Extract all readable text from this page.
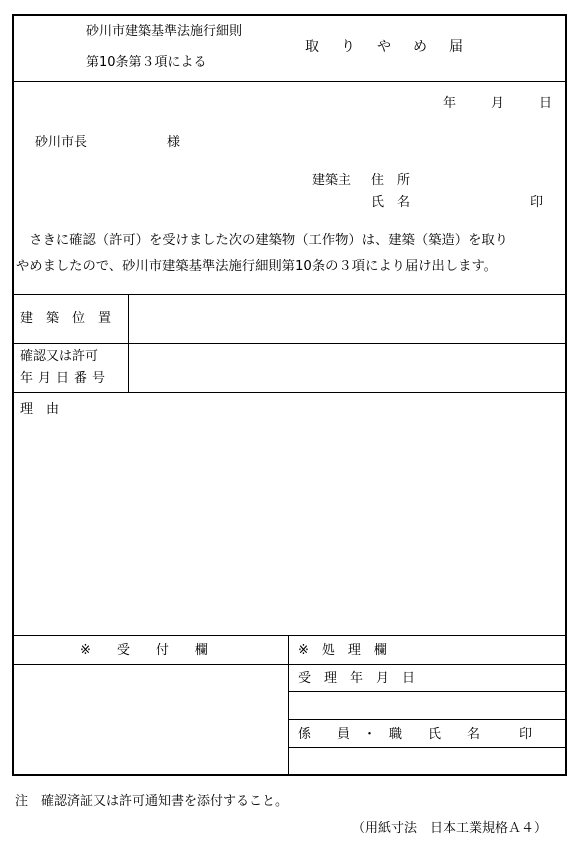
砂川市建築基準法施行細則
第10条第３項による
取　り　や　め　届
年　　月　　日
砂川市長	様
建築主 住　所
氏　名	印
　さきに確認（許可）を受けました次の建築物（工作物）は、建築（築造）を取り
やめましたので、砂川市建築基準法施行細則第10条の３項により届け出します。
建　築　位　置
確認又は許可
年月日番号
理　由
※　　受　　付　　欄	※　処　理　欄
受　理　年　月　日
係　　員　・　職　　氏　　名　　　印
注　確認済証又は許可通知書を添付すること。
（用紙寸法　日本工業規格Ａ４）
